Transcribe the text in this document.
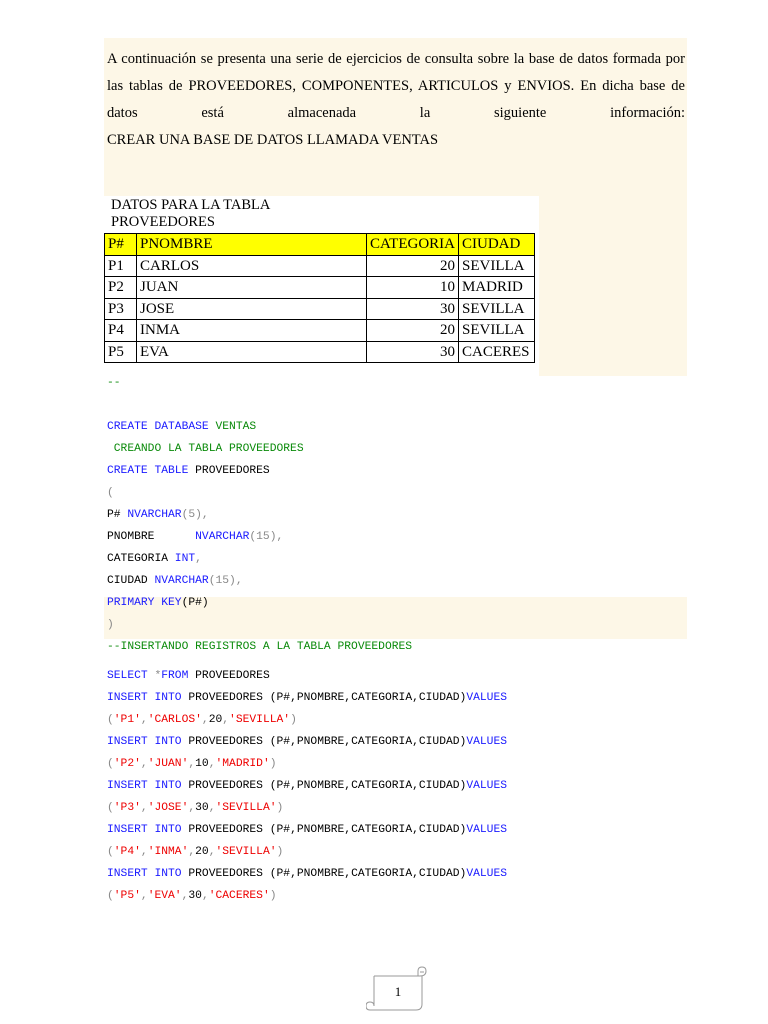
A continuación se presenta una serie de ejercicios de consulta sobre la base de datos formada por las tablas de PROVEEDORES, COMPONENTES, ARTICULOS y ENVIOS. En dicha base de datos está almacenada la siguiente información:

CREAR UNA BASE DE DATOS LLAMADA VENTAS

DATOS PARA LA TABLA PROVEEDORES
P#	PNOMBRE	CATEGORIA	CIUDAD
P1	CARLOS	20	SEVILLA
P2	JUAN	10	MADRID
P3	JOSE	30	SEVILLA
P4	INMA	20	SEVILLA
P5	EVA	30	CACERES
--
CREATE DATABASE VENTAS
CREANDO LA TABLA PROVEEDORES
CREATE TABLE PROVEEDORES
(
P# NVARCHAR(5),
PNOMBRE      NVARCHAR(15),
CATEGORIA INT,
CIUDAD NVARCHAR(15),
PRIMARY KEY(P#)
)
--INSERTANDO REGISTROS A LA TABLA PROVEEDORES
SELECT *FROM PROVEEDORES
INSERT INTO PROVEEDORES (P#,PNOMBRE,CATEGORIA,CIUDAD)VALUES
('P1','CARLOS',20,'SEVILLA')
INSERT INTO PROVEEDORES (P#,PNOMBRE,CATEGORIA,CIUDAD)VALUES
('P2','JUAN',10,'MADRID')
INSERT INTO PROVEEDORES (P#,PNOMBRE,CATEGORIA,CIUDAD)VALUES
('P3','JOSE',30,'SEVILLA')
INSERT INTO PROVEEDORES (P#,PNOMBRE,CATEGORIA,CIUDAD)VALUES
('P4','INMA',20,'SEVILLA')
INSERT INTO PROVEEDORES (P#,PNOMBRE,CATEGORIA,CIUDAD)VALUES
('P5','EVA',30,'CACERES')
1
